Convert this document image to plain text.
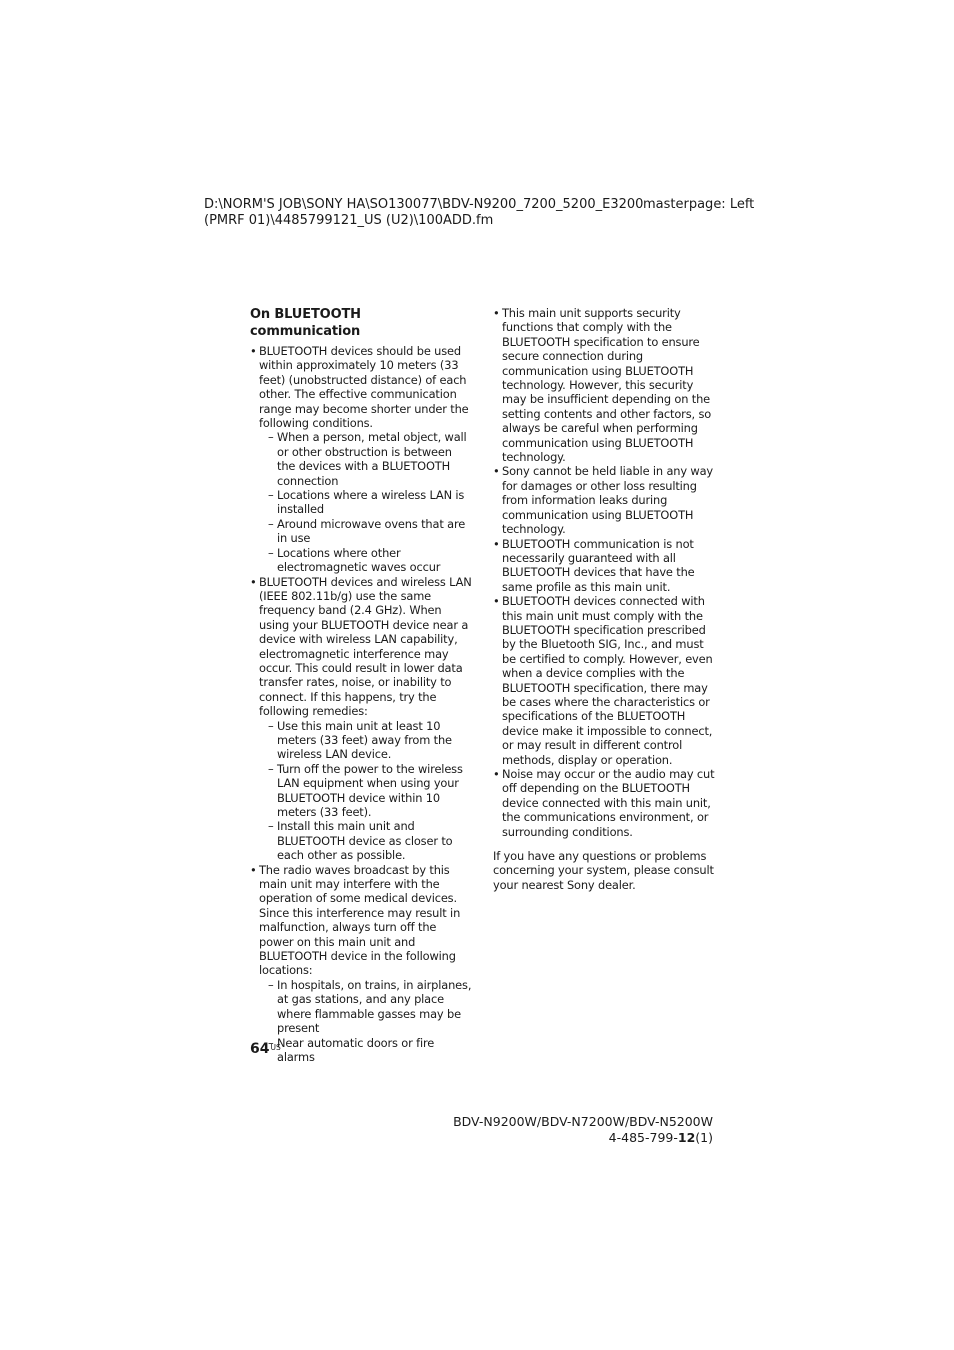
D:\NORM'S JOB\SONY HA\SO130077\BDV-N9200_7200_5200_E3200
(PMRF 01)\4485799121_US (U2)\100ADD.fm
masterpage: Left
On BLUETOOTH communication
• BLUETOOTH devices should be used within approximately 10 meters (33 feet) (unobstructed distance) of each other. The effective communication range may become shorter under the following conditions.
– When a person, metal object, wall or other obstruction is between the devices with a BLUETOOTH connection
– Locations where a wireless LAN is installed
– Around microwave ovens that are in use
– Locations where other electromagnetic waves occur
• BLUETOOTH devices and wireless LAN (IEEE 802.11b/g) use the same frequency band (2.4 GHz). When using your BLUETOOTH device near a device with wireless LAN capability, electromagnetic interference may occur. This could result in lower data transfer rates, noise, or inability to connect. If this happens, try the following remedies:
– Use this main unit at least 10 meters (33 feet) away from the wireless LAN device.
– Turn off the power to the wireless LAN equipment when using your BLUETOOTH device within 10 meters (33 feet).
– Install this main unit and BLUETOOTH device as closer to each other as possible.
• The radio waves broadcast by this main unit may interfere with the operation of some medical devices. Since this interference may result in malfunction, always turn off the power on this main unit and BLUETOOTH device in the following locations:
– In hospitals, on trains, in airplanes, at gas stations, and any place where flammable gasses may be present
– Near automatic doors or fire alarms
• This main unit supports security functions that comply with the BLUETOOTH specification to ensure secure connection during communication using BLUETOOTH technology. However, this security may be insufficient depending on the setting contents and other factors, so always be careful when performing communication using BLUETOOTH technology.
• Sony cannot be held liable in any way for damages or other loss resulting from information leaks during communication using BLUETOOTH technology.
• BLUETOOTH communication is not necessarily guaranteed with all BLUETOOTH devices that have the same profile as this main unit.
• BLUETOOTH devices connected with this main unit must comply with the BLUETOOTH specification prescribed by the Bluetooth SIG, Inc., and must be certified to comply. However, even when a device complies with the BLUETOOTH specification, there may be cases where the characteristics or specifications of the BLUETOOTH device make it impossible to connect, or may result in different control methods, display or operation.
• Noise may occur or the audio may cut off depending on the BLUETOOTH device connected with this main unit, the communications environment, or surrounding conditions.

If you have any questions or problems concerning your system, please consult your nearest Sony dealer.

$64^{US}$
BDV-N9200W/BDV-N7200W/BDV-N5200W
4-485-799-12(1)
